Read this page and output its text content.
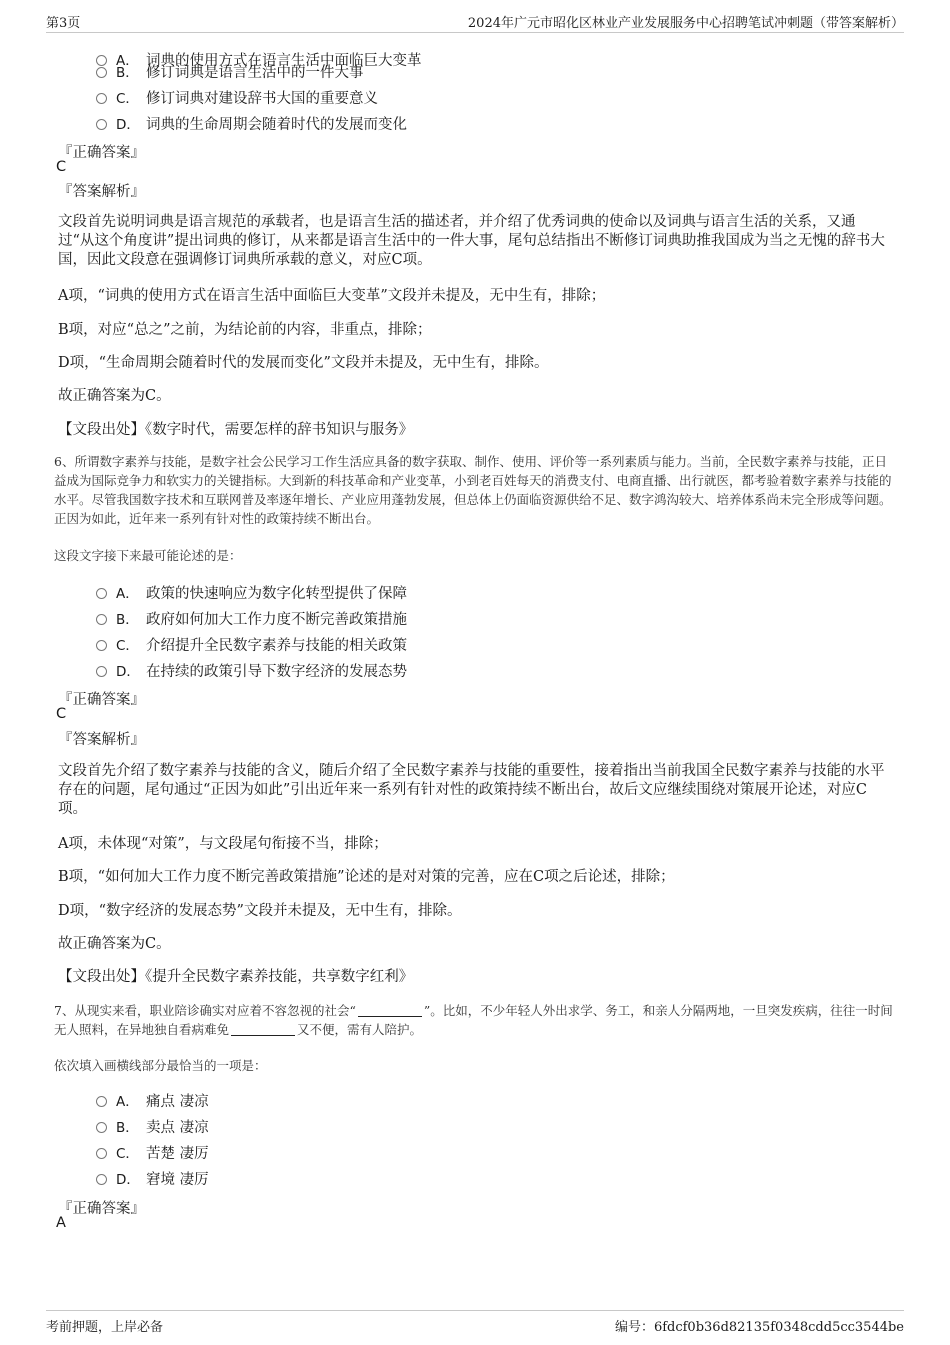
第3页	2024年广元市昭化区林业产业发展服务中心招聘笔试冲刺题（带答案解析）
A． 词典的使用方式在语言生活中面临巨大变革
B． 修订词典是语言生活中的一件大事
C． 修订词典对建设辞书大国的重要意义
D． 词典的生命周期会随着时代的发展而变化
『正确答案』
C
『答案解析』
文段首先说明词典是语言规范的承载者，也是语言生活的描述者，并介绍了优秀词典的使命以及词典与语言生活的关系，又通过“从这个角度讲”提出词典的修订，从来都是语言生活中的一件大事，尾句总结指出不断修订词典助推我国成为当之无愧的辞书大国，因此文段意在强调修订词典所承载的意义，对应C项。
A项，“词典的使用方式在语言生活中面临巨大变革”文段并未提及，无中生有，排除；
B项，对应“总之”之前，为结论前的内容，非重点，排除；
D项，“生命周期会随着时代的发展而变化”文段并未提及，无中生有，排除。
故正确答案为C。
【文段出处】《数字时代，需要怎样的辞书知识与服务》
6、所谓数字素养与技能，是数字社会公民学习工作生活应具备的数字获取、制作、使用、评价等一系列素质与能力。当前，全民数字素养与技能，正日益成为国际竞争力和软实力的关键指标。大到新的科技革命和产业变革，小到老百姓每天的消费支付、电商直播、出行就医，都考验着数字素养与技能的水平。尽管我国数字技术和互联网普及率逐年增长、产业应用蓬勃发展，但总体上仍面临资源供给不足、数字鸿沟较大、培养体系尚未完全形成等问题。正因为如此，近年来一系列有针对性的政策持续不断出台。
这段文字接下来最可能论述的是：
A． 政策的快速响应为数字化转型提供了保障
B． 政府如何加大工作力度不断完善政策措施
C． 介绍提升全民数字素养与技能的相关政策
D． 在持续的政策引导下数字经济的发展态势
『正确答案』
C
『答案解析』
文段首先介绍了数字素养与技能的含义，随后介绍了全民数字素养与技能的重要性，接着指出当前我国全民数字素养与技能的水平存在的问题，尾句通过“正因为如此”引出近年来一系列有针对性的政策持续不断出台，故后文应继续围绕对策展开论述，对应C项。
A项，未体现“对策”，与文段尾句衔接不当，排除；
B项，“如何加大工作力度不断完善政策措施”论述的是对对策的完善，应在C项之后论述，排除；
D项，“数字经济的发展态势”文段并未提及，无中生有，排除。
故正确答案为C。
【文段出处】《提升全民数字素养技能，共享数字红利》
7、从现实来看，职业陪诊确实对应着不容忽视的社会“	”。比如，不少年轻人外出求学、务工，和亲人分隔两地，一旦突发疾病，往往一时间无人照料，在异地独自看病难免	又不便，需有人陪护。
依次填入画横线部分最恰当的一项是：
A． 痛点 凄凉
B． 卖点 凄凉
C． 苦楚 凄厉
D． 窘境 凄厉
『正确答案』
A
考前押题，上岸必备	编号：6fdcf0b36d82135f0348cdd5cc3544be
